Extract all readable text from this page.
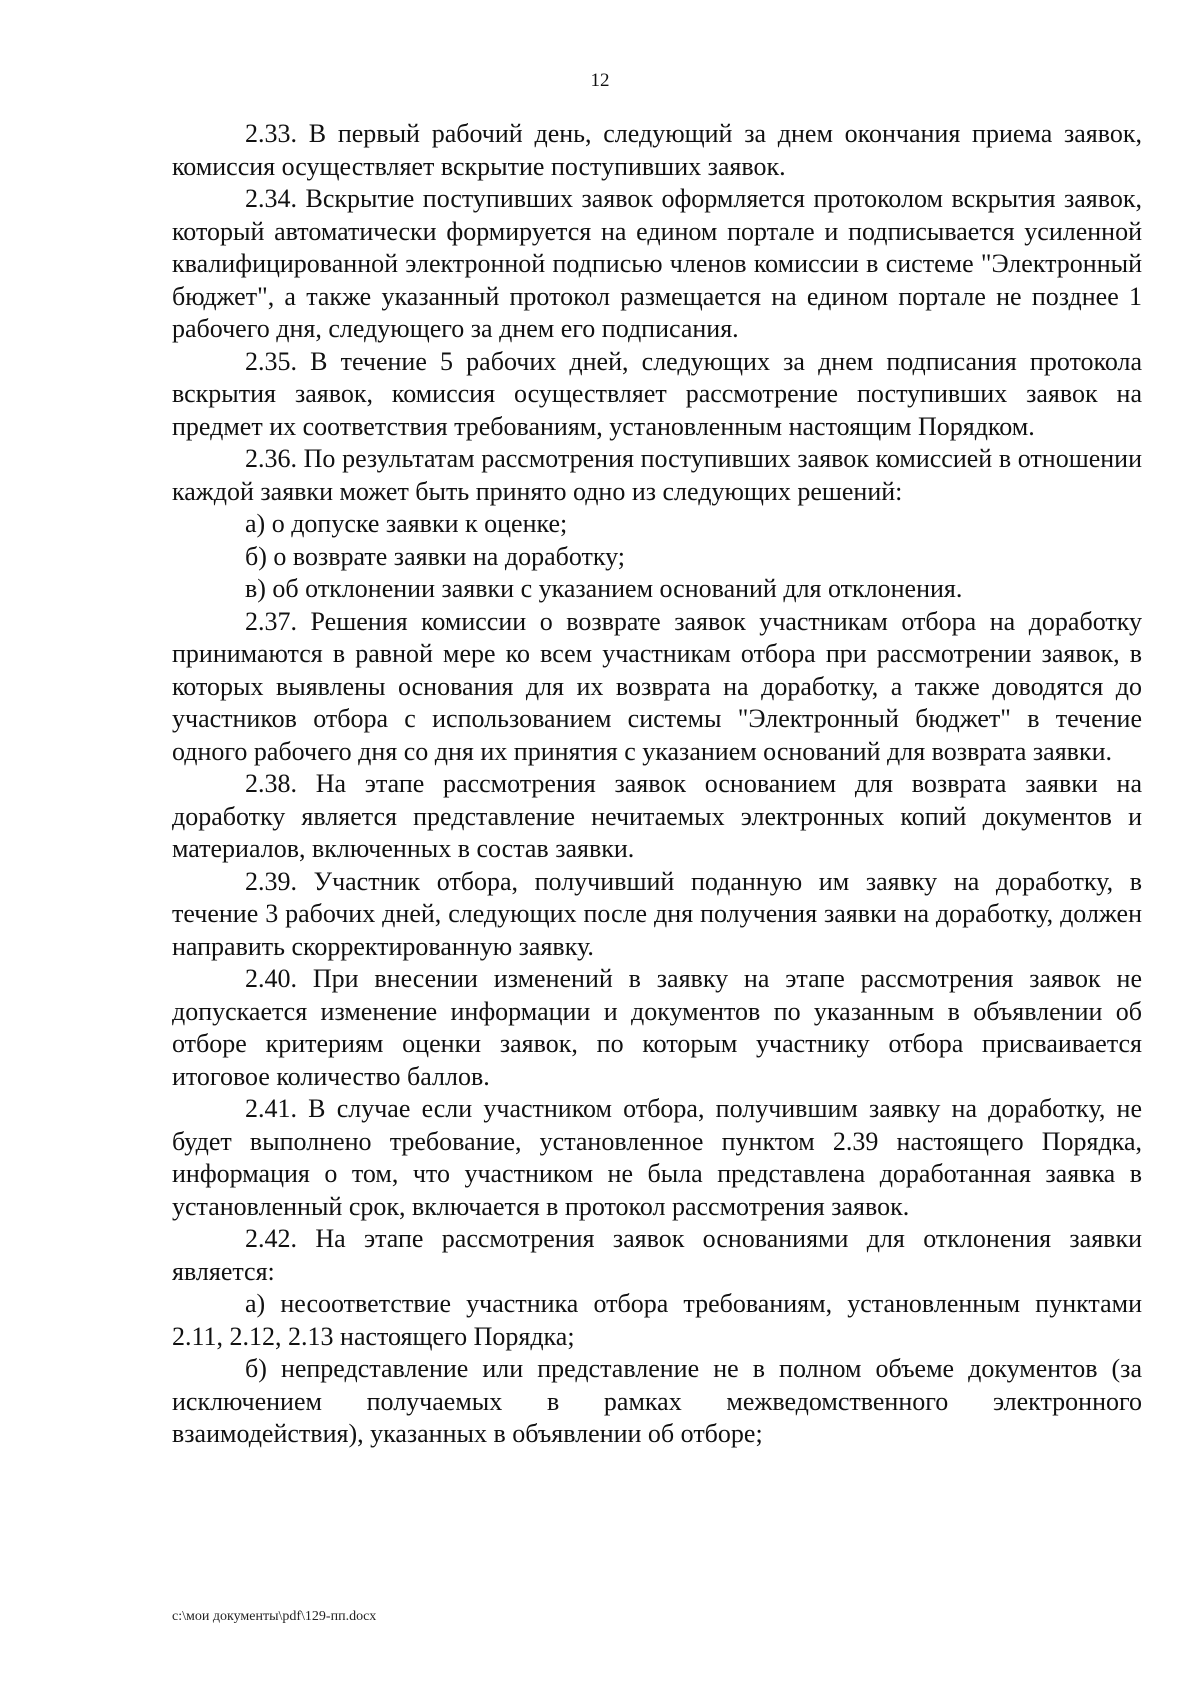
12

2.33. В первый рабочий день, следующий за днем окончания приема заявок, комиссия осуществляет вскрытие поступивших заявок.

2.34. Вскрытие поступивших заявок оформляется протоколом вскрытия заявок, который автоматически формируется на едином портале и подписывается усиленной квалифицированной электронной подписью членов комиссии в системе "Электронный бюджет", а также указанный протокол размещается на едином портале не позднее 1 рабочего дня, следующего за днем его подписания.

2.35. В течение 5 рабочих дней, следующих за днем подписания протокола вскрытия заявок, комиссия осуществляет рассмотрение поступивших заявок на предмет их соответствия требованиям, установленным настоящим Порядком.

2.36. По результатам рассмотрения поступивших заявок комиссией в отношении каждой заявки может быть принято одно из следующих решений:

а) о допуске заявки к оценке;

б) о возврате заявки на доработку;

в) об отклонении заявки с указанием оснований для отклонения.

2.37. Решения комиссии о возврате заявок участникам отбора на доработку принимаются в равной мере ко всем участникам отбора при рассмотрении заявок, в которых выявлены основания для их возврата на доработку, а также доводятся до участников отбора с использованием системы "Электронный бюджет" в течение одного рабочего дня со дня их принятия с указанием оснований для возврата заявки.

2.38. На этапе рассмотрения заявок основанием для возврата заявки на доработку является представление нечитаемых электронных копий документов и материалов, включенных в состав заявки.

2.39. Участник отбора, получивший поданную им заявку на доработку, в течение 3 рабочих дней, следующих после дня получения заявки на доработку, должен направить скорректированную заявку.

2.40. При внесении изменений в заявку на этапе рассмотрения заявок не допускается изменение информации и документов по указанным в объявлении об отборе критериям оценки заявок, по которым участнику отбора присваивается итоговое количество баллов.

2.41. В случае если участником отбора, получившим заявку на доработку, не будет выполнено требование, установленное пунктом 2.39 настоящего Порядка, информация о том, что участником не была представлена доработанная заявка в установленный срок, включается в протокол рассмотрения заявок.

2.42. На этапе рассмотрения заявок основаниями для отклонения заявки является:

а) несоответствие участника отбора требованиям, установленным пунктами 2.11, 2.12, 2.13 настоящего Порядка;

б) непредставление или представление не в полном объеме документов (за исключением получаемых в рамках межведомственного электронного взаимодействия), указанных в объявлении об отборе;

c:\мои документы\pdf\129-пп.docx
